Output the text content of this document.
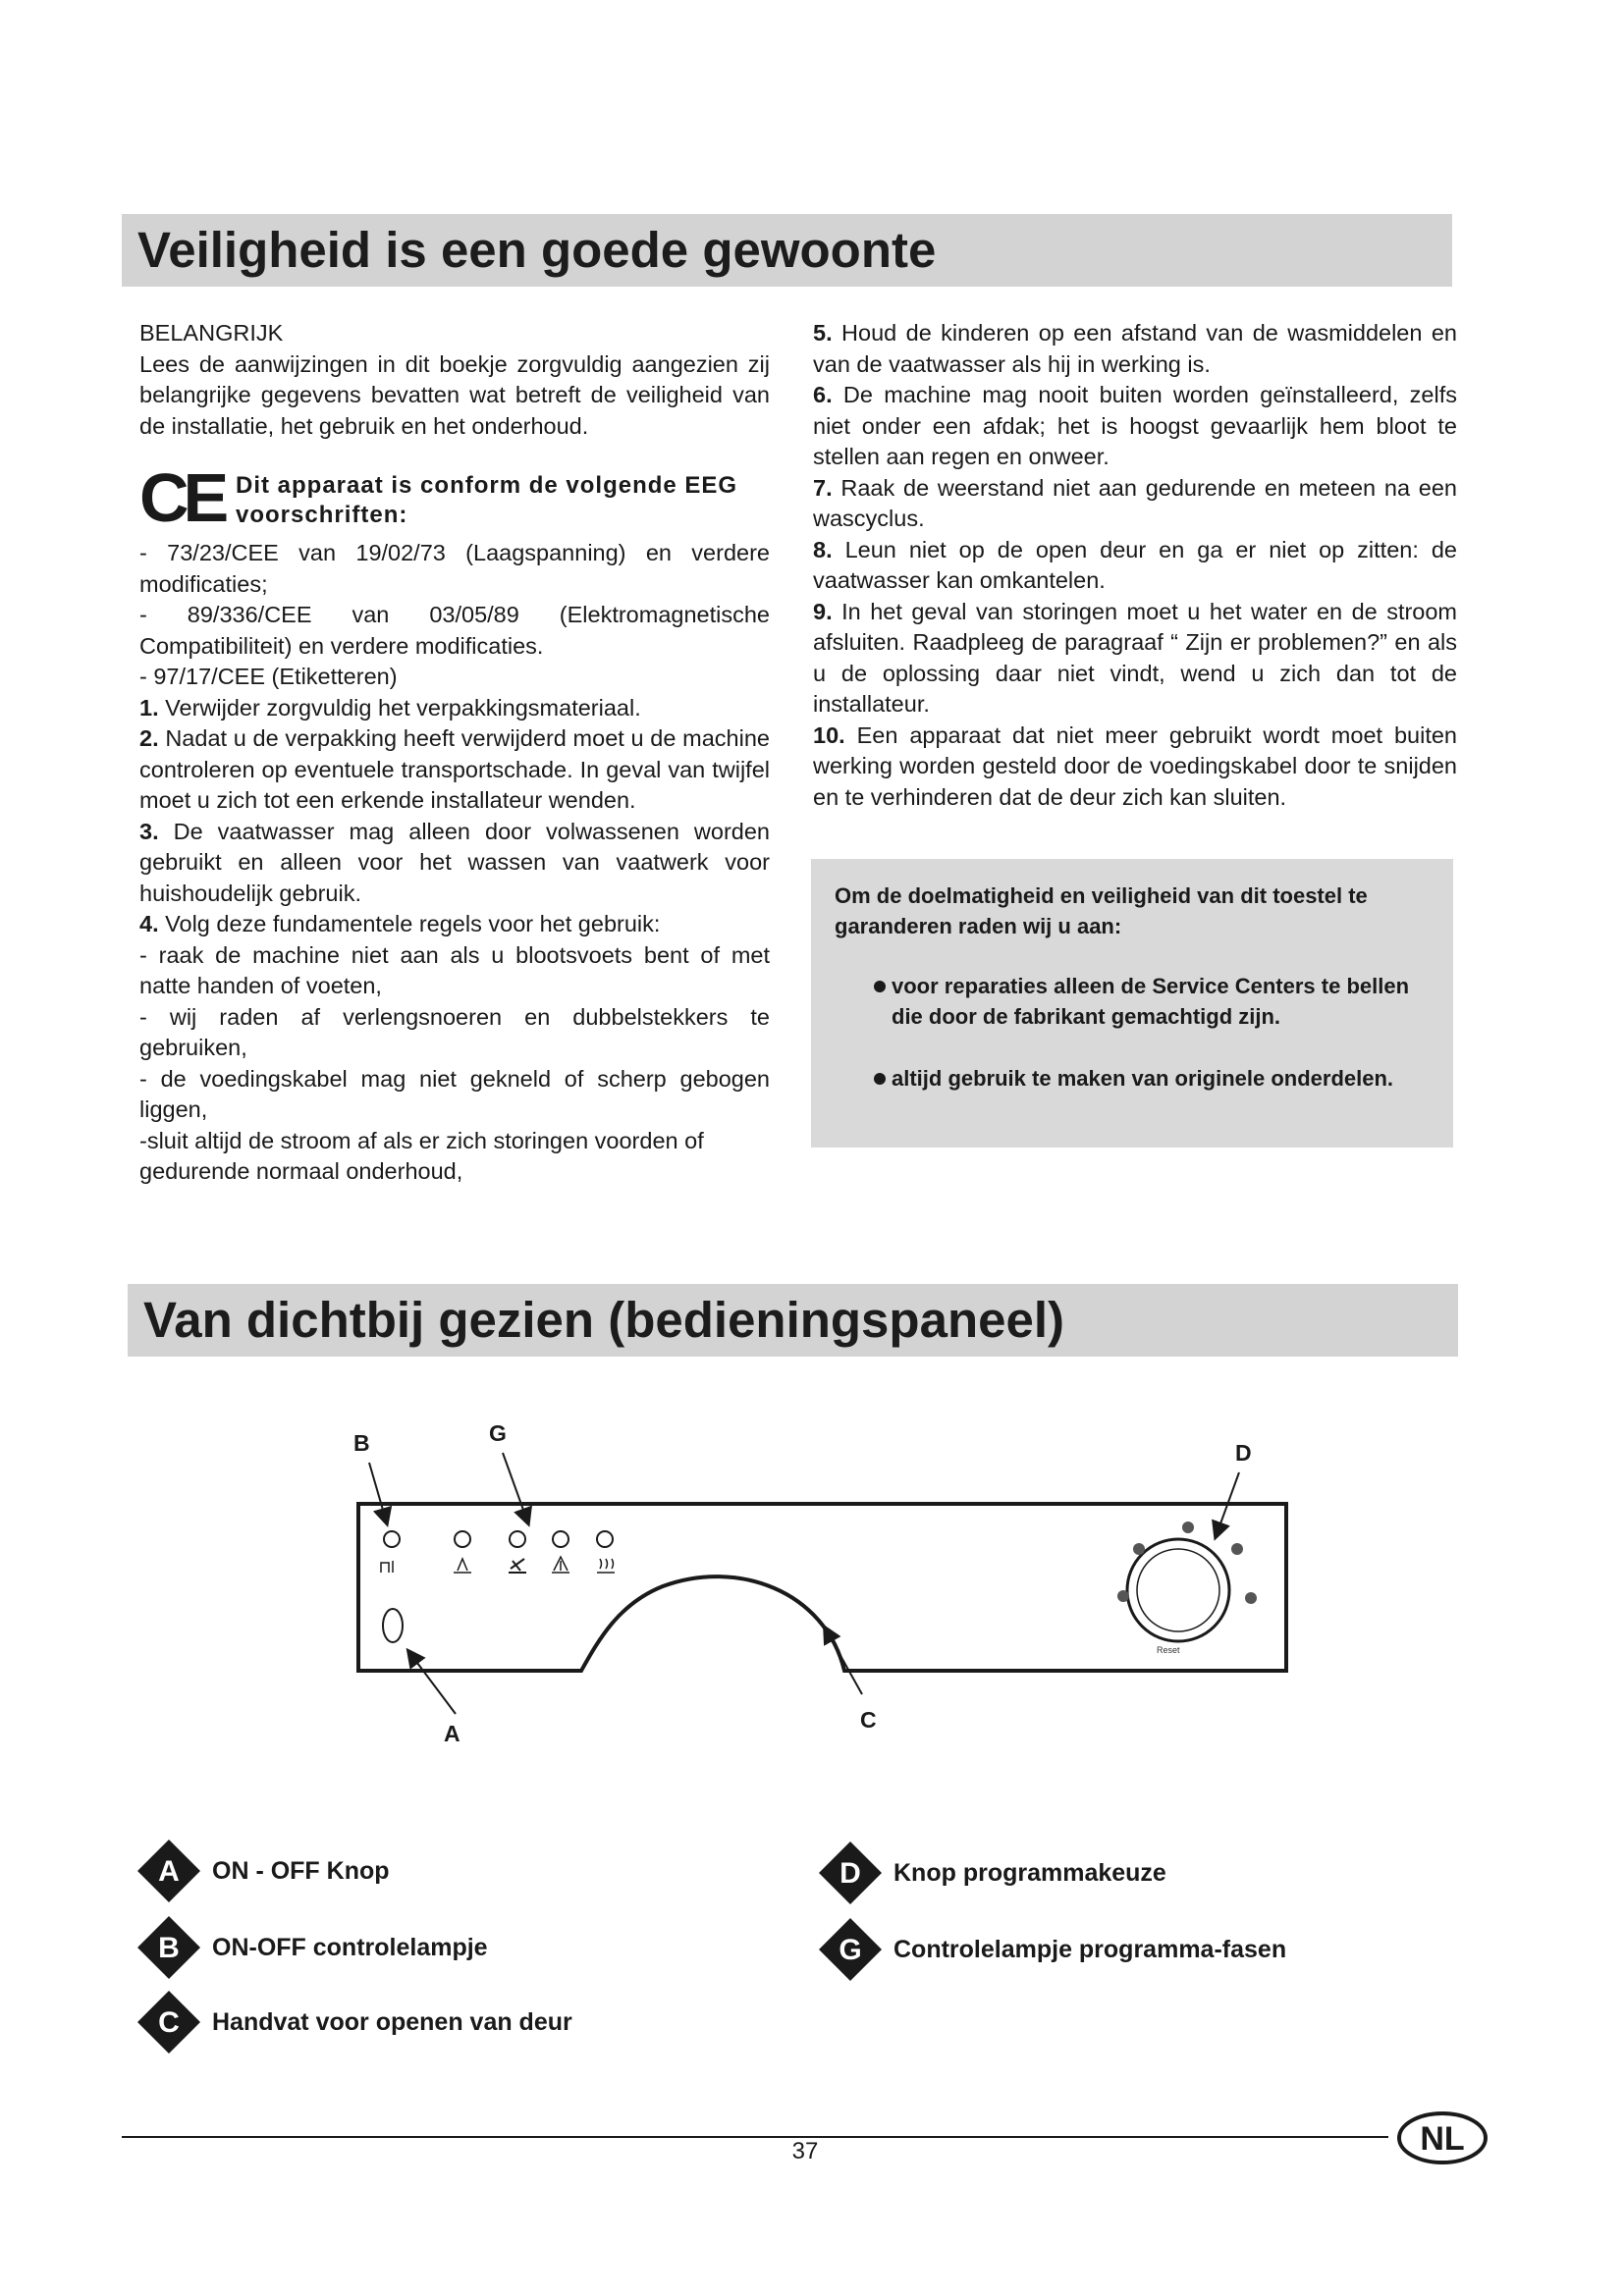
Veiligheid is een goede gewoonte

BELANGRIJK

Lees de aanwijzingen in dit boekje zorgvuldig aangezien zij belangrijke gegevens bevatten wat betreft de veiligheid van de installatie, het gebruik en het onderhoud.

CE Dit apparaat is conform de volgende EEG voorschriften:

- 73/23/CEE van 19/02/73 (Laagspanning) en verdere modificaties;

- 89/336/CEE van 03/05/89 (Elektromagnetische Compatibiliteit) en verdere modificaties.

- 97/17/CEE (Etiketteren)

1. Verwijder zorgvuldig het verpakkingsmateriaal.

2. Nadat u de verpakking heeft verwijderd moet u de machine controleren op eventuele transportschade. In geval van twijfel moet u zich tot een erkende installateur wenden.

3. De vaatwasser mag alleen door volwassenen worden gebruikt en alleen voor het wassen van vaatwerk voor huishoudelijk gebruik.

4. Volg deze fundamentele regels voor het gebruik:

- raak de machine niet aan als u blootsvoets bent of met natte handen of voeten,

- wij raden af verlengsnoeren en dubbelstekkers te gebruiken,

- de voedingskabel mag niet gekneld of scherp gebogen liggen,

-sluit altijd de stroom af als er zich storingen voorden of gedurende normaal onderhoud,

5. Houd de kinderen op een afstand van de wasmiddelen en van de vaatwasser als hij in werking is.

6. De machine mag nooit buiten worden geïnstalleerd, zelfs niet onder een afdak; het is hoogst gevaarlijk hem bloot te stellen aan regen en onweer.

7. Raak de weerstand niet aan gedurende en meteen na een wascyclus.

8. Leun niet op de open deur en ga er niet op zitten: de vaatwasser kan omkantelen.

9. In het geval van storingen moet u het water en de stroom afsluiten. Raadpleeg de paragraaf “ Zijn er problemen?” en als u de oplossing daar niet vindt, wend u zich dan tot de installateur.

10. Een apparaat dat niet meer gebruikt wordt moet buiten werking worden gesteld door de voedingskabel door te snijden en te verhinderen dat de deur zich kan sluiten.

Om de doelmatigheid en veiligheid van dit toestel te garanderen raden wij u aan:

voor reparaties alleen de Service Centers te bellen die door de fabrikant gemachtigd zijn.
altijd gebruik te maken van originele onderdelen.
Van dichtbij gezien (bedieningspaneel)
Reset
B	G
D
A
C
A ON - OFF Knop
B ON-OFF controlelampje
C Handvat voor openen van deur
D Knop programmakeuze
G Controlelampje programma-fasen
37	NL
